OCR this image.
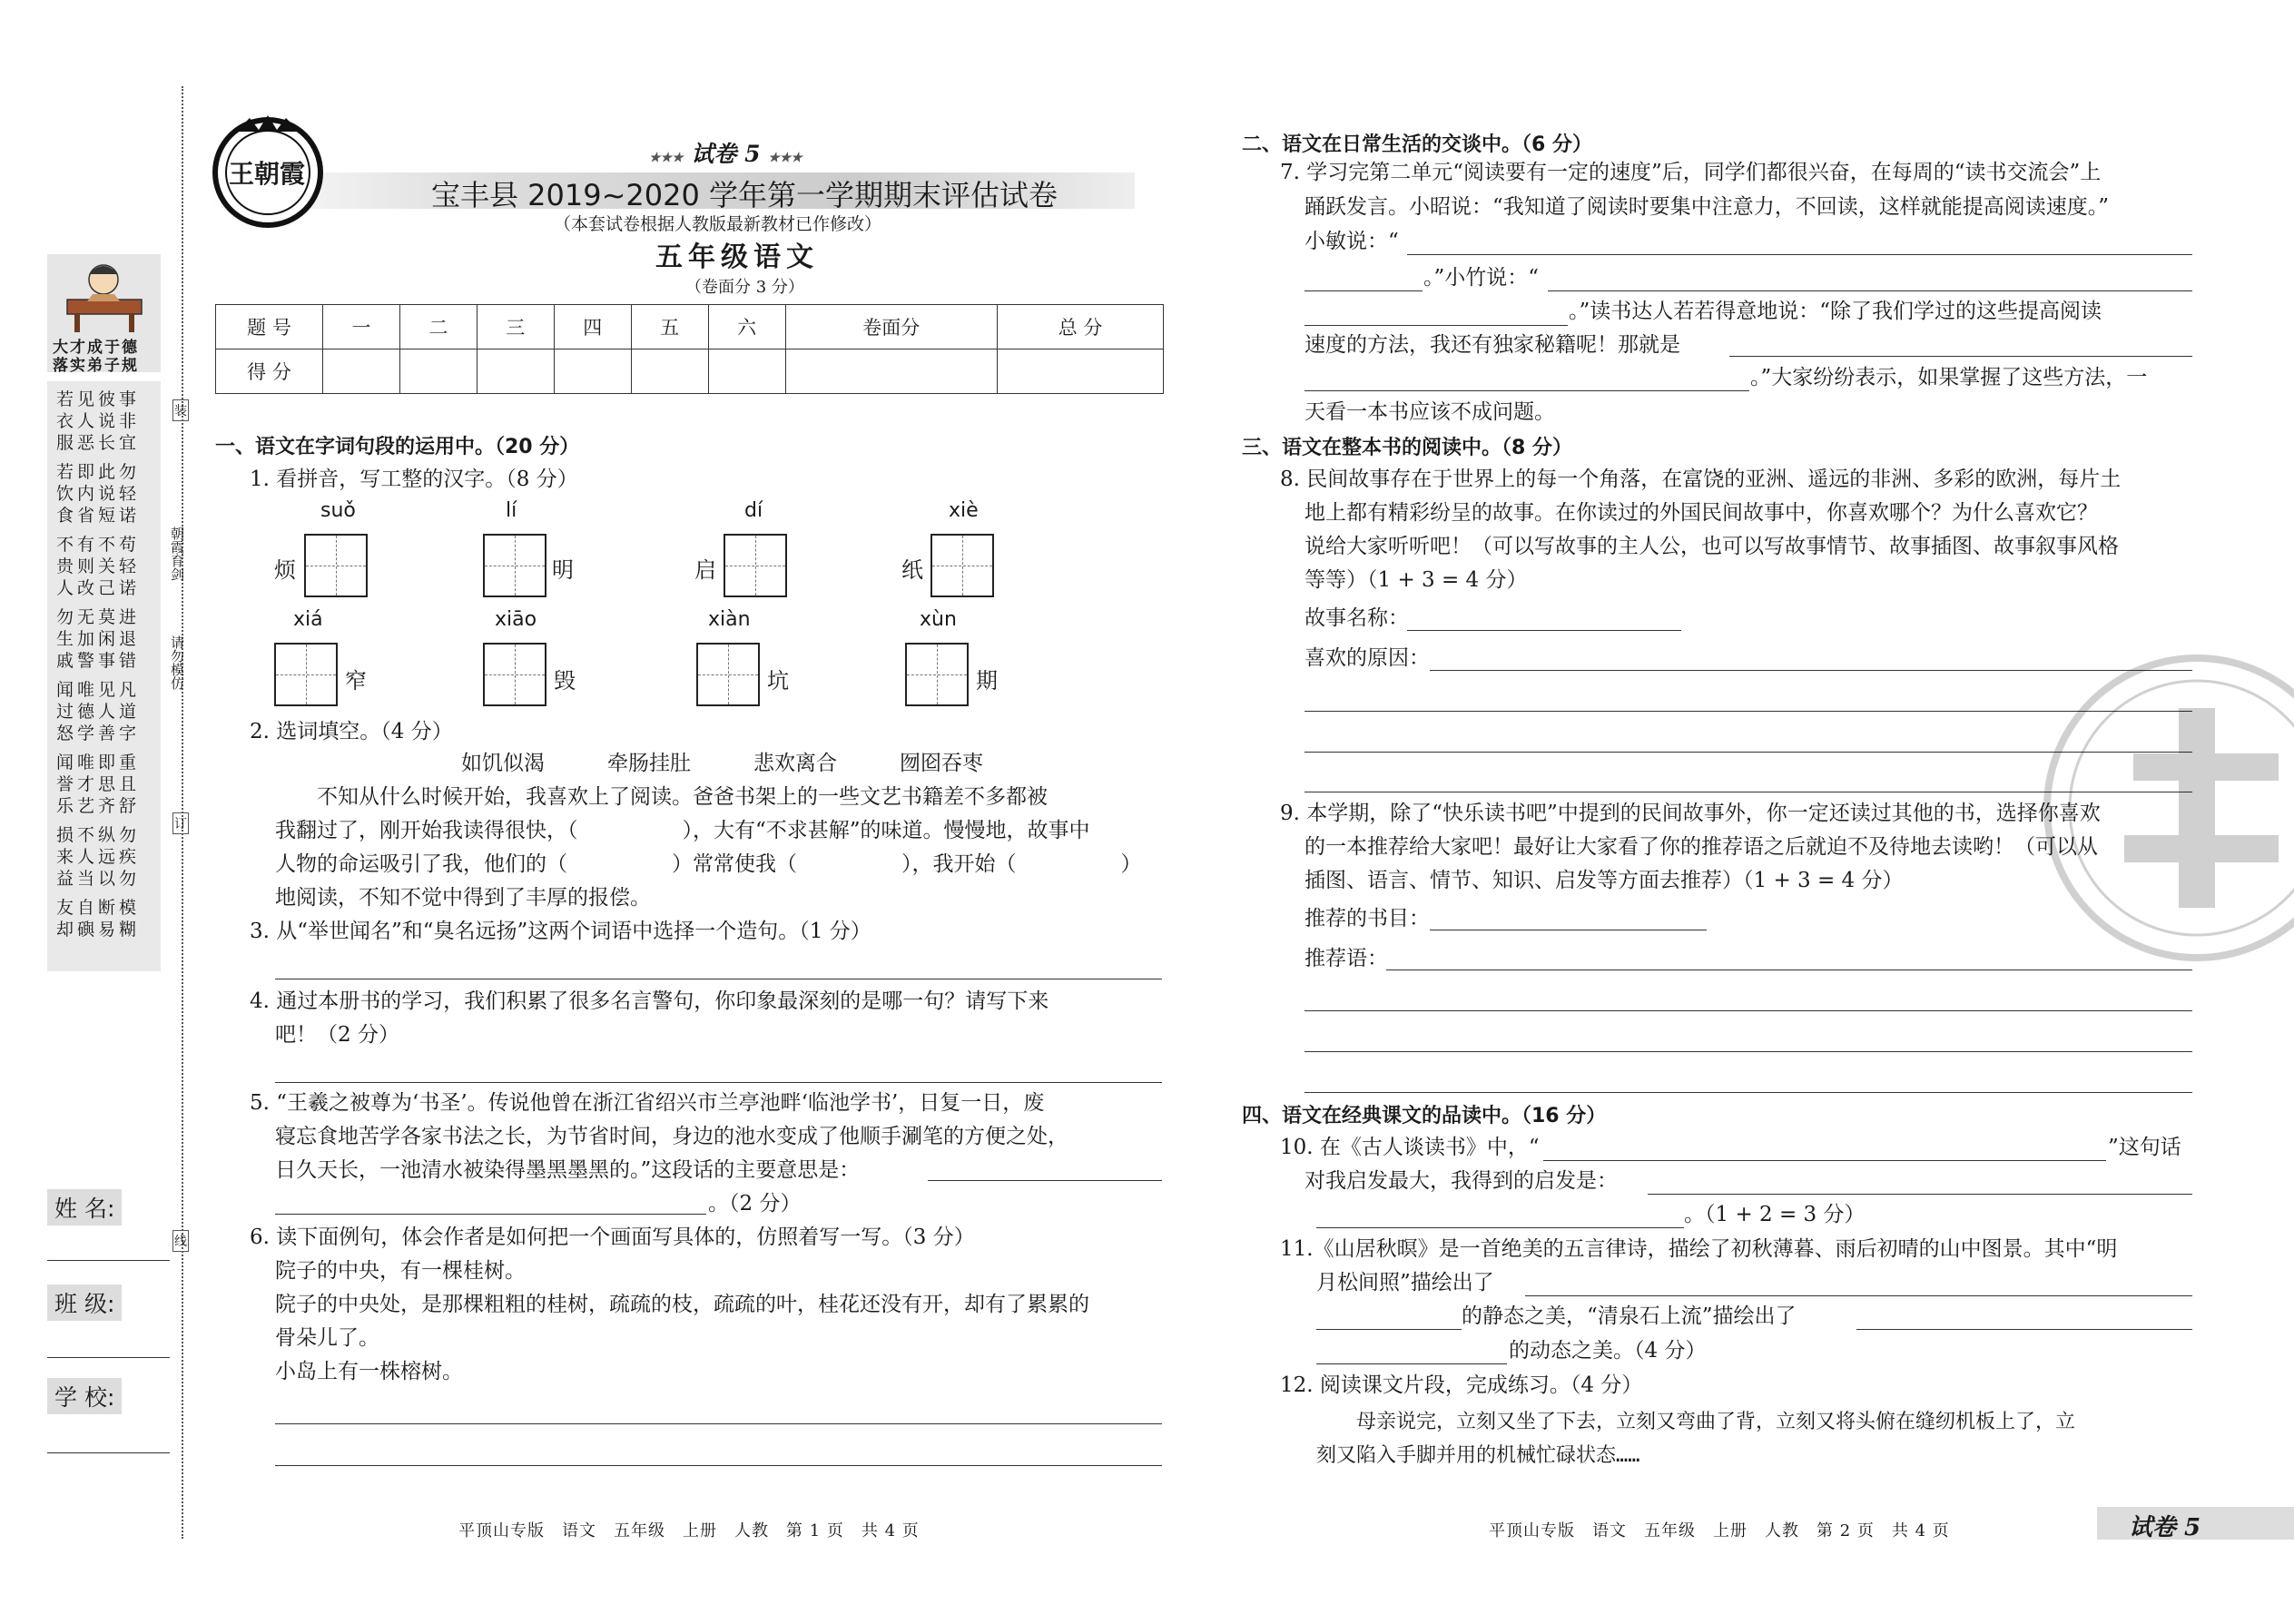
大才成于德
落实弟子规
若见彼事
衣人说非
服恶长宜
若即此勿
饮内说轻
食省短诺
不有不苟
贵则关轻
人改己诺
勿无莫进
生加闲退
戚警事错
闻唯见凡
过德人道
怒学善字
闻唯即重
誉才思且
乐艺齐舒
损不纵勿
来人远疾
益当以勿
友自断模
却礖易糊
朝霞育剑
请勿模仿
装
订
线
姓 名:
班 级:
学 校:
王朝霞
★★★ 试卷 5 ★★★
宝丰县 2019~2020 学年第一学期期末评估试卷
（本套试卷根据人教版最新教材已作修改）
五年级语文
（卷面分 3 分）
题 号	一	二	三	四	五	六	卷面分	总 分
得 分								
一、语文在字词句段的运用中。（20 分）
1. 看拼音，写工整的汉字。（8 分）
suǒ
烦
lí
明
dí
启
xiè
纸
xiá
窄
xiāo
毁
xiàn
坑
xùn
期
2. 选词填空。（4 分）
如饥似渴　　　牵肠挂肚　　　悲欢离合　　　囫囵吞枣
　　不知从什么时候开始，我喜欢上了阅读。爸爸书架上的一些文艺书籍差不多都被
我翻过了，刚开始我读得很快，（　　　　　），大有“不求甚解”的味道。慢慢地，故事中
人物的命运吸引了我，他们的（　　　　　）常常使我（　　　　　），我开始（　　　　　）
地阅读，不知不觉中得到了丰厚的报偿。
3. 从“举世闻名”和“臭名远扬”这两个词语中选择一个造句。（1 分）
4. 通过本册书的学习，我们积累了很多名言警句，你印象最深刻的是哪一句？请写下来
吧！（2 分）
5. “王羲之被尊为‘书圣’。传说他曾在浙江省绍兴市兰亭池畔‘临池学书’，日复一日，废
寝忘食地苦学各家书法之长，为节省时间，身边的池水变成了他顺手涮笔的方便之处，
日久天长，一池清水被染得墨黑墨黑的。”这段话的主要意思是：
。（2 分）
6. 读下面例句，体会作者是如何把一个画面写具体的，仿照着写一写。（3 分）
院子的中央，有一棵桂树。
院子的中央处，是那棵粗粗的桂树，疏疏的枝，疏疏的叶，桂花还没有开，却有了累累的
骨朵儿了。
小岛上有一株榕树。
平顶山专版　语文　五年级　上册　人教　第 1 页　共 4 页
二、语文在日常生活的交谈中。（6 分）
7. 学习完第二单元“阅读要有一定的速度”后，同学们都很兴奋，在每周的“读书交流会”上
踊跃发言。小昭说：“我知道了阅读时要集中注意力，不回读，这样就能提高阅读速度。”
小敏说：“
。”小竹说：“
。”读书达人若若得意地说：“除了我们学过的这些提高阅读
速度的方法，我还有独家秘籍呢！那就是
。”大家纷纷表示，如果掌握了这些方法，一
天看一本书应该不成问题。
三、语文在整本书的阅读中。（8 分）
8. 民间故事存在于世界上的每一个角落，在富饶的亚洲、遥远的非洲、多彩的欧洲，每片土
地上都有精彩纷呈的故事。在你读过的外国民间故事中，你喜欢哪个？为什么喜欢它？
说给大家听听吧！（可以写故事的主人公，也可以写故事情节、故事插图、故事叙事风格
等等）（1 + 3 = 4 分）
故事名称：
喜欢的原因：
9. 本学期，除了“快乐读书吧”中提到的民间故事外，你一定还读过其他的书，选择你喜欢
的一本推荐给大家吧！最好让大家看了你的推荐语之后就迫不及待地去读哟！（可以从
插图、语言、情节、知识、启发等方面去推荐）（1 + 3 = 4 分）
推荐的书目：
推荐语：
四、语文在经典课文的品读中。（16 分）
10. 在《古人谈读书》中，“	”这句话
对我启发最大，我得到的启发是：
。（1 + 2 = 3 分）
11.《山居秋暝》是一首绝美的五言律诗，描绘了初秋薄暮、雨后初晴的山中图景。其中“明
月松间照”描绘出了
的静态之美，“清泉石上流”描绘出了
的动态之美。（4 分）
12. 阅读课文片段，完成练习。（4 分）
　　母亲说完，立刻又坐了下去，立刻又弯曲了背，立刻又将头俯在缝纫机板上了，立
刻又陷入手脚并用的机械忙碌状态……
平顶山专版　语文　五年级　上册　人教　第 2 页　共 4 页	试卷 5
